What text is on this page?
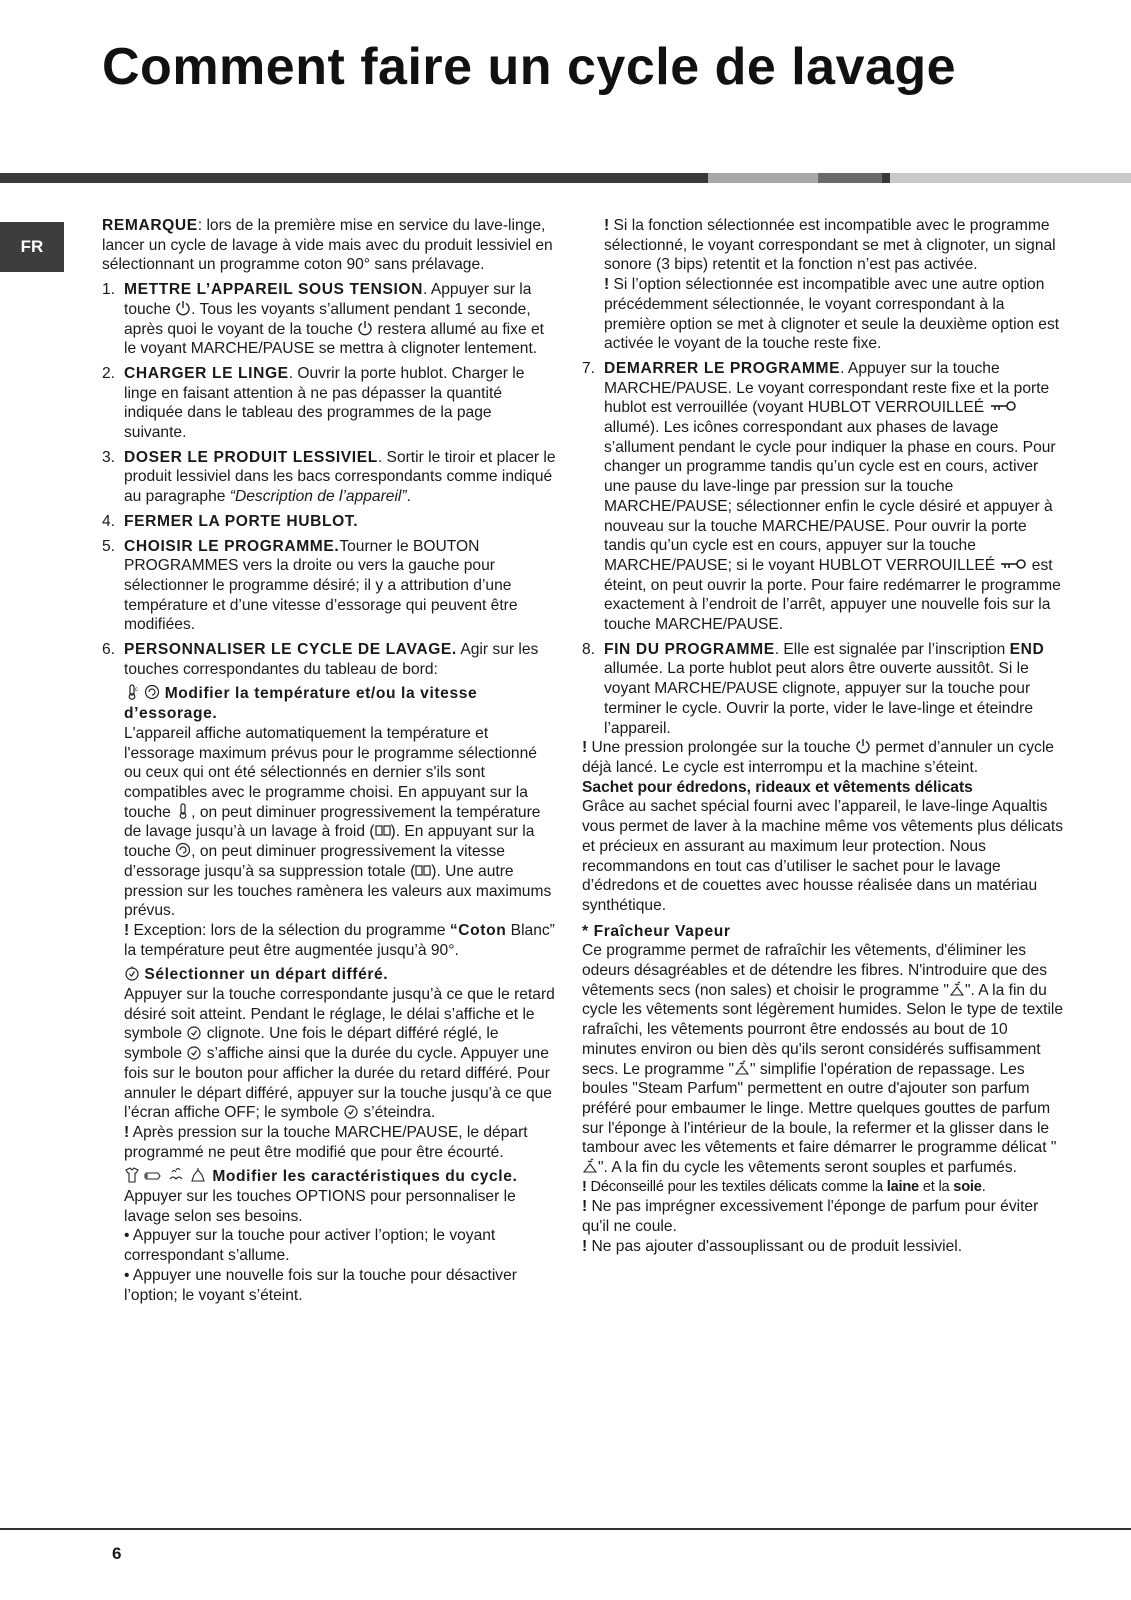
Comment faire un cycle de lavage
FR

REMARQUE: lors de la première mise en service du lave-linge, lancer un cycle de lavage à vide mais avec du produit lessiviel en sélectionnant un programme coton 90° sans prélavage.

1. METTRE L’APPAREIL SOUS TENSION. Appuyer sur la touche . Tous les voyants s’allument pendant 1 seconde, après quoi le voyant de la touche  restera allumé au fixe et le voyant MARCHE/PAUSE se mettra à clignoter lentement.
2. CHARGER LE LINGE. Ouvrir la porte hublot. Charger le linge en faisant attention à ne pas dépasser la quantité indiquée dans le tableau des programmes de la page suivante.
3. DOSER LE PRODUIT LESSIVIEL. Sortir le tiroir et placer le produit lessiviel dans les bacs correspondants comme indiqué au paragraphe “Description de l’appareil”.
4. FERMER LA PORTE HUBLOT.
5. CHOISIR LE PROGRAMME.Tourner le BOUTON PROGRAMMES vers la droite ou vers la gauche pour sélectionner le programme désiré; il y a attribution d’une température et d’une vitesse d’essorage qui peuvent être modifiées.
6. PERSONNALISER LE CYCLE DE LAVAGE. Agir sur les touches correspondantes du tableau de bord:
c Modifier la température et/ou la vitesse d’essorage.

L'appareil affiche automatiquement la température et l'essorage maximum prévus pour le programme sélectionné ou ceux qui ont été sélectionnés en dernier s'ils sont compatibles avec le programme choisi. En appuyant sur la touche , on peut diminuer progressivement la température de lavage jusqu’à un lavage à froid ( ). En appuyant sur la touche , on peut diminuer progressivement la vitesse d’essorage jusqu’à sa suppression totale ( ). Une autre pression sur les touches ramènera les valeurs aux maximums prévus.

! Exception: lors de la sélection du programme “Coton Blanc” la température peut être augmentée jusqu’à 90°.

Sélectionner un départ différé.

Appuyer sur la touche correspondante jusqu’à ce que le retard désiré soit atteint. Pendant le réglage, le délai s’affiche et le symbole  clignote. Une fois le départ différé réglé, le symbole  s’affiche ainsi que la durée du cycle. Appuyer une fois sur le bouton pour afficher la durée du retard différé. Pour annuler le départ différé, appuyer sur la touche jusqu’à ce que l’écran affiche OFF; le symbole  s’éteindra.

! Après pression sur la touche MARCHE/PAUSE, le départ programmé ne peut être modifié que pour être écourté.

Modifier les caractéristiques du cycle.

Appuyer sur les touches OPTIONS pour personnaliser le lavage selon ses besoins.

• Appuyer sur la touche pour activer l’option; le voyant correspondant s’allume.

• Appuyer une nouvelle fois sur la touche pour désactiver l’option; le voyant s’éteint.

! Si la fonction sélectionnée est incompatible avec le programme sélectionné, le voyant correspondant se met à clignoter, un signal sonore (3 bips) retentit et la fonction n’est pas activée.

! Si l’option sélectionnée est incompatible avec une autre option précédemment sélectionnée, le voyant correspondant à la première option se met à clignoter et seule la deuxième option est activée le voyant de la touche reste fixe.

7. DEMARRER LE PROGRAMME. Appuyer sur la touche MARCHE/PAUSE. Le voyant correspondant reste fixe et la porte hublot est verrouillée (voyant HUBLOT VERROUILLEÉ  allumé). Les icônes correspondant aux phases de lavage s’allument pendant le cycle pour indiquer la phase en cours. Pour changer un programme tandis qu’un cycle est en cours, activer une pause du lave-linge par pression sur la touche MARCHE/PAUSE; sélectionner enfin le cycle désiré et appuyer à nouveau sur la touche MARCHE/PAUSE. Pour ouvrir la porte tandis qu’un cycle est en cours, appuyer sur la touche MARCHE/PAUSE; si le voyant HUBLOT VERROUILLEÉ  est éteint, on peut ouvrir la porte. Pour faire redémarrer le programme exactement à l’endroit de l’arrêt, appuyer une nouvelle fois sur la touche MARCHE/PAUSE.
8. FIN DU PROGRAMME. Elle est signalée par l’inscription END allumée. La porte hublot peut alors être ouverte aussitôt. Si le voyant MARCHE/PAUSE clignote, appuyer sur la touche pour terminer le cycle. Ouvrir la porte, vider le lave-linge et éteindre l’appareil.

! Une pression prolongée sur la touche  permet d’annuler un cycle déjà lancé. Le cycle est interrompu et la machine s’éteint.

Sachet pour édredons, rideaux et vêtements délicats

Grâce au sachet spécial fourni avec l’appareil, le lave-linge Aqualtis vous permet de laver à la machine même vos vêtements plus délicats et précieux en assurant au maximum leur protection. Nous recommandons en tout cas d’utiliser le sachet pour le lavage d’édredons et de couettes avec housse réalisée dans un matériau synthétique.

* Fraîcheur Vapeur

Ce programme permet de rafraîchir les vêtements, d'éliminer les odeurs désagréables et de détendre les fibres. N'introduire que des vêtements secs (non sales) et choisir le programme " ". A la fin du cycle les vêtements sont légèrement humides. Selon le type de textile rafraîchi, les vêtements pourront être endossés au bout de 10 minutes environ ou bien dès qu'ils seront considérés suffisamment secs. Le programme " " simplifie l'opération de repassage. Les boules "Steam Parfum" permettent en outre d'ajouter son parfum préféré pour embaumer le linge. Mettre quelques gouttes de parfum sur l'éponge à l'intérieur de la boule, la refermer et la glisser dans le tambour avec les vêtements et faire démarrer le programme délicat "". A la fin du cycle les vêtements seront souples et parfumés.

! Déconseillé pour les textiles délicats comme la laine et la soie.

! Ne pas imprégner excessivement l'éponge de parfum pour éviter qu'il ne coule.

! Ne pas ajouter d'assouplissant ou de produit lessiviel.

6
